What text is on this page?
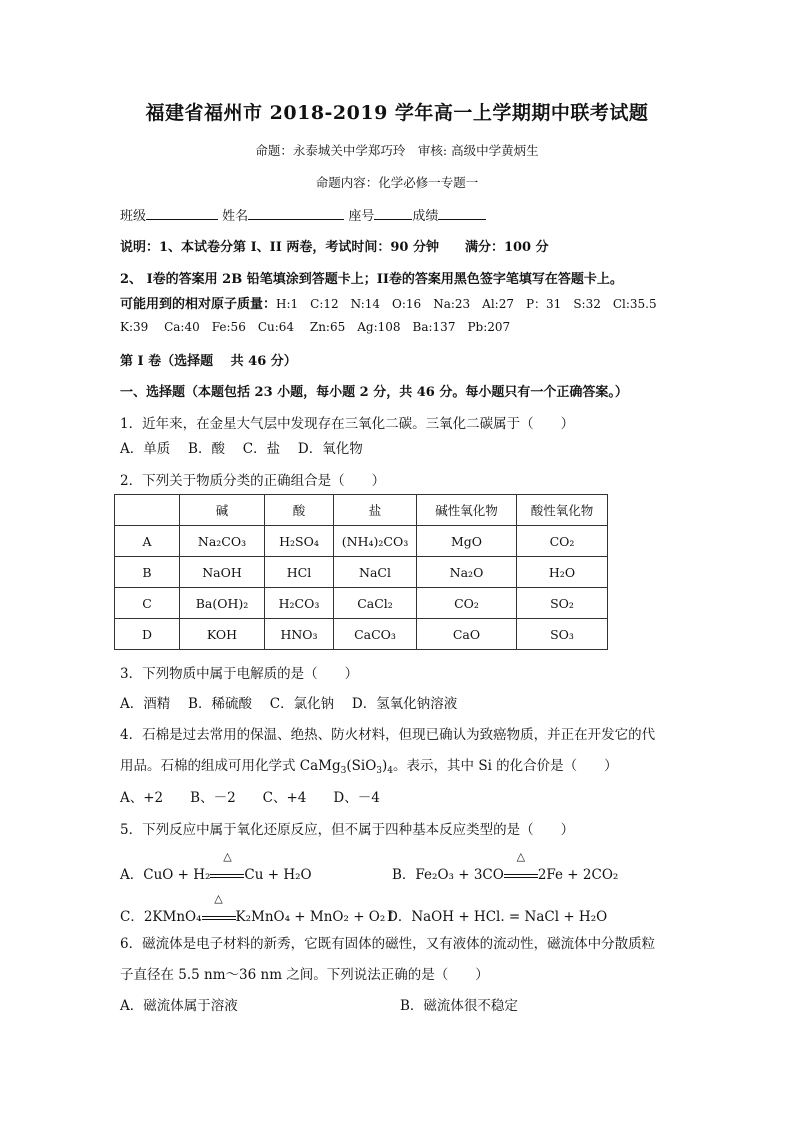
福建省福州市 2018-2019 学年高一上学期期中联考试题
命题：永泰城关中学郑巧玲　审核: 高级中学黄炳生
命题内容：化学必修一专题一
班级	姓名	座号	成绩
说明：1、本试卷分第 I、II 两卷，考试时间：90 分钟　　满分：100 分
2、 I卷的答案用 2B 铅笔填涂到答题卡上；II卷的答案用黑色签字笔填写在答题卡上。
可能用到的相对原子质量：H:1　C:12　N:14　O:16　Na:23　Al:27　P：31　S:32　Cl:35.5
K:39　 Ca:40　Fe:56　Cu:64　 Zn:65　Ag:108　Ba:137　Pb:207
第 I 卷（选择题　 共 46 分）
一、选择题（本题包括 23 小题，每小题 2 分，共 46 分。每小题只有一个正确答案。）
1．近年来，在金星大气层中发现存在三氧化二碳。三氧化二碳属于（　　）
A．单质　 B．酸　 C．盐　 D．氧化物
2．下列关于物质分类的正确组合是（　　）
	碱	酸	盐	碱性氧化物	酸性氧化物
A	Na₂CO₃	H₂SO₄	(NH₄)₂CO₃	MgO	CO₂
B	NaOH	HCl	NaCl	Na₂O	H₂O
C	Ba(OH)₂	H₂CO₃	CaCl₂	CO₂	SO₂
D	KOH	HNO₃	CaCO₃	CaO	SO₃
3．下列物质中属于电解质的是（　　）
A．酒精　 B．稀硫酸　 C．氯化钠　 D．氢氧化钠溶液
4．石棉是过去常用的保温、绝热、防火材料，但现已确认为致癌物质，并正在开发它的代
用品。石棉的组成可用化学式 $CaMg_3(SiO_3)_4$。表示，其中 Si 的化合价是（　　）
A、+2　　B、－2　　C、+4　　D、－4
5．下列反应中属于氧化还原反应，但不属于四种基本反应类型的是（　　）
A．CuO + H₂
△
Cu + H₂O	B．Fe₂O₃ + 3CO
△
2Fe + 2CO₂
C．2KMnO₄
△
K₂MnO₄ + MnO₂ + O₂↑
D．NaOH + HCl. = NaCl + H₂O
6．磁流体是电子材料的新秀，它既有固体的磁性，又有液体的流动性，磁流体中分散质粒
子直径在 5.5 nm～36 nm 之间。下列说法正确的是（　　）
A．磁流体属于溶液	B．磁流体很不稳定
